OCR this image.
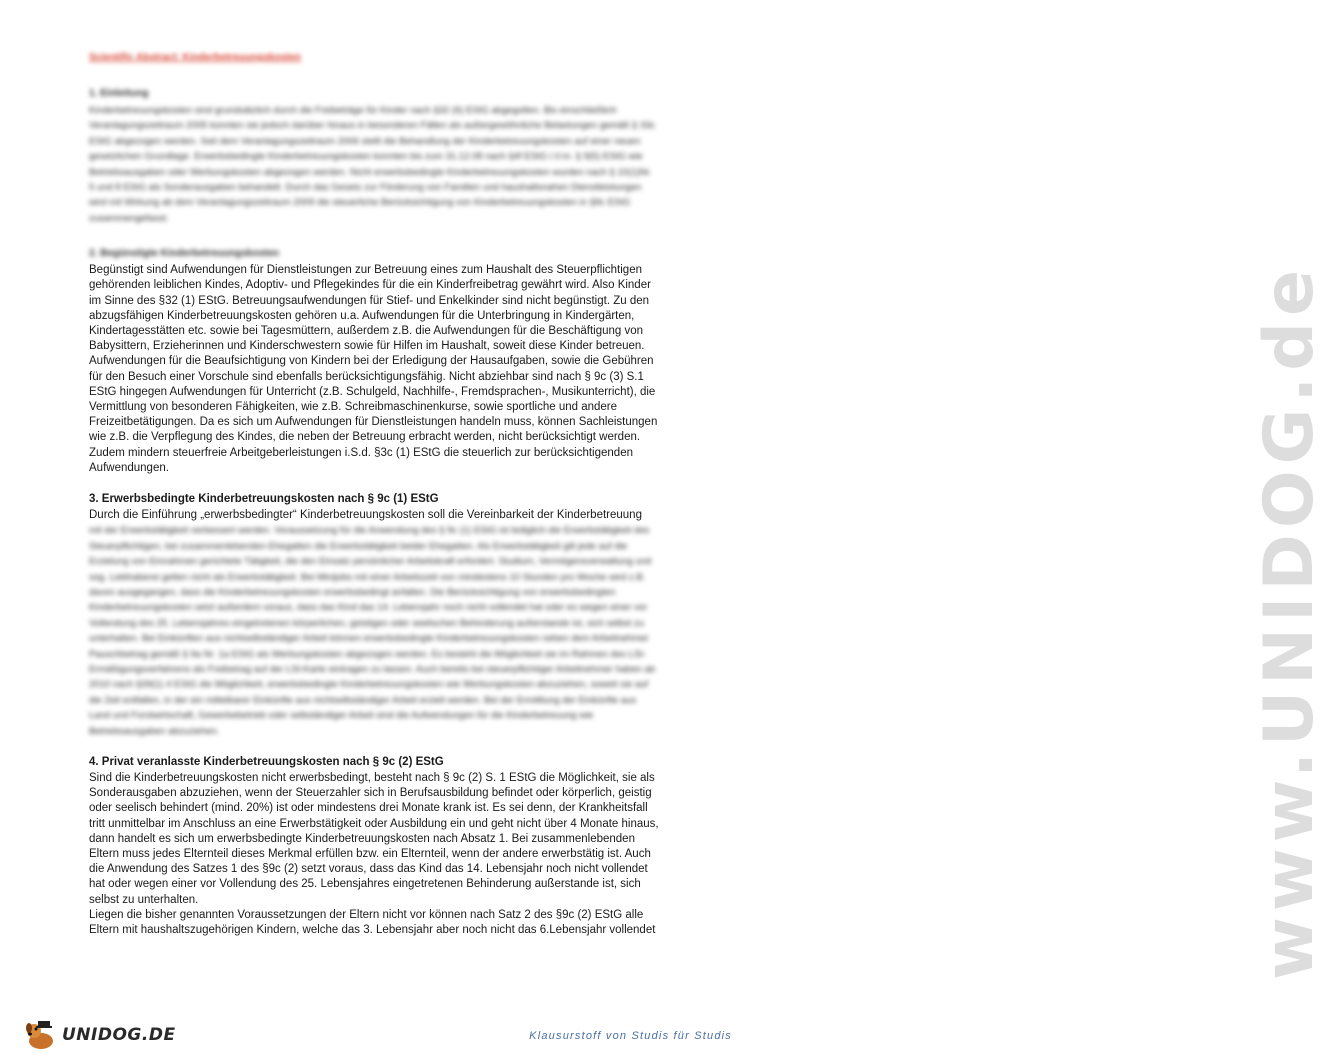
www.UNIDOG.de
Scientific Abstract: Kinderbetreuungskosten
1. Einleitung

Kinderbetreuungskosten sind grundsätzlich durch die Freibeträge für Kinder nach §32 (6) EStG abgegolten. Bis einschließlich Veranlagungszeitraum 2005 konnten sie jedoch darüber hinaus in besonderen Fällen als außergewöhnliche Belastungen gemäß § 33c EStG abgezogen werden. Seit dem Veranlagungszeitraum 2006 stellt die Behandlung der Kinderbetreuungskosten auf einer neuen gesetzlichen Grundlage. Erwerbsbedingte Kinderbetreuungskosten konnten bis zum 31.12.08 nach §4f EStG i.V.m. § 9(5) EStG wie Betriebsausgaben oder Werbungskosten abgezogen werden. Nicht erwerbsbedingte Kinderbetreuungskosten wurden nach § 10(1)Nr. 5 und 8 EStG als Sonderausgaben behandelt. Durch das Gesetz zur Förderung von Familien und haushaltsnahen Dienstleistungen wird mit Wirkung ab dem Veranlagungszeitraum 2009 die steuerliche Berücksichtigung von Kinderbetreuungskosten in §9c EStG zusammengefasst.

2. Begünstigte Kinderbetreuungskosten

Begünstigt sind Aufwendungen für Dienstleistungen zur Betreuung eines zum Haushalt des Steuerpflichtigen gehörenden leiblichen Kindes, Adoptiv- und Pflegekindes für die ein Kinderfreibetrag gewährt wird. Also Kinder im Sinne des §32 (1) EStG. Betreuungsaufwendungen für Stief- und Enkelkinder sind nicht begünstigt. Zu den abzugsfähigen Kinderbetreuungskosten gehören u.a. Aufwendungen für die Unterbringung in Kindergärten, Kindertagesstätten etc. sowie bei Tagesmüttern, außerdem z.B. die Aufwendungen für die Beschäftigung von Babysittern, Erzieherinnen und Kinderschwestern sowie für Hilfen im Haushalt, soweit diese Kinder betreuen. Aufwendungen für die Beaufsichtigung von Kindern bei der Erledigung der Hausaufgaben, sowie die Gebühren für den Besuch einer Vorschule sind ebenfalls berücksichtigungsfähig. Nicht abziehbar sind nach § 9c (3) S.1 EStG hingegen Aufwendungen für Unterricht (z.B. Schulgeld, Nachhilfe-, Fremdsprachen-, Musikunterricht), die Vermittlung von besonderen Fähigkeiten, wie z.B. Schreibmaschinenkurse, sowie sportliche und andere Freizeitbetätigungen. Da es sich um Aufwendungen für Dienstleistungen handeln muss, können Sachleistungen wie z.B. die Verpflegung des Kindes, die neben der Betreuung erbracht werden, nicht berücksichtigt werden. Zudem mindern steuerfreie Arbeitgeberleistungen i.S.d. §3c (1) EStG die steuerlich zur berücksichtigenden Aufwendungen.

3. Erwerbsbedingte Kinderbetreuungskosten nach § 9c (1) EStG

Durch die Einführung „erwerbsbedingter“ Kinderbetreuungskosten soll die Vereinbarkeit der Kinderbetreuung

mit der Erwerbstätigkeit verbessert werden. Voraussetzung für die Anwendung des § 9c (1) EStG ist lediglich die Erwerbstätigkeit des Steuerpflichtigen, bei zusammenlebenden Ehegatten die Erwerbstätigkeit beider Ehegatten. Als Erwerbstätigkeit gilt jede auf die Erzielung von Einnahmen gerichtete Tätigkeit, die den Einsatz persönlicher Arbeitskraft erfordert. Studium, Vermögensverwaltung und sog. Liebhaberei gelten nicht als Erwerbstätigkeit. Bei Minijobs mit einer Arbeitszeit von mindestens 10 Stunden pro Woche wird z.B. davon ausgegangen, dass die Kinderbetreuungskosten erwerbsbedingt anfallen. Die Berücksichtigung von erwerbsbedingten Kinderbetreuungskosten setzt außerdem voraus, dass das Kind das 14. Lebensjahr noch nicht vollendet hat oder es wegen einer vor Vollendung des 25. Lebensjahres eingetretenen körperlichen, geistigen oder seelischen Behinderung außerstande ist, sich selbst zu unterhalten. Bei Einkünften aus nichtselbständiger Arbeit können erwerbsbedingte Kinderbetreuungskosten neben dem Arbeitnehmer Pauschbetrag gemäß § 9a Nr. 1a EStG als Werbungskosten abgezogen werden. Es besteht die Möglichkeit sie im Rahmen des LSt-Ermäßigungsverfahrens als Freibetrag auf der LSt-Karte eintragen zu lassen. Auch bereits bei steuerpflichtiger Arbeitnehmer haben ab 2010 nach §39(1) 4 EStG die Möglichkeit, erwerbsbedingte Kinderbetreuungskosten wie Werbungskosten abzuziehen, soweit sie auf die Zeit entfallen, in der ein mittelbarer Einkünfte aus nichtselbständiger Arbeit erzielt werden. Bei der Ermittlung der Einkünfte aus Land und Forstwirtschaft, Gewerbebetrieb oder selbständiger Arbeit sind die Aufwendungen für die Kinderbetreuung wie Betriebsausgaben abzuziehen.

4. Privat veranlasste Kinderbetreuungskosten nach § 9c (2) EStG

Sind die Kinderbetreuungskosten nicht erwerbsbedingt, besteht nach § 9c (2) S. 1 EStG die Möglichkeit, sie als Sonderausgaben abzuziehen, wenn der Steuerzahler sich in Berufsausbildung befindet oder körperlich, geistig oder seelisch behindert (mind. 20%) ist oder mindestens drei Monate krank ist. Es sei denn, der Krankheitsfall tritt unmittelbar im Anschluss an eine Erwerbstätigkeit oder Ausbildung ein und geht nicht über 4 Monate hinaus, dann handelt es sich um erwerbsbedingte Kinderbetreuungskosten nach Absatz 1. Bei zusammenlebenden Eltern muss jedes Elternteil dieses Merkmal erfüllen bzw. ein Elternteil, wenn der andere erwerbstätig ist. Auch die Anwendung des Satzes 1 des §9c (2) setzt voraus, dass das Kind das 14. Lebensjahr noch nicht vollendet hat oder wegen einer vor Vollendung des 25. Lebensjahres eingetretenen Behinderung außerstande ist, sich selbst zu unterhalten.

Liegen die bisher genannten Voraussetzungen der Eltern nicht vor können nach Satz 2 des §9c (2) EStG alle Eltern mit haushaltszugehörigen Kindern, welche das 3. Lebensjahr aber noch nicht das 6.Lebensjahr vollendet

UNIDOG.DE	Klausurstoff von Studis für Studis
